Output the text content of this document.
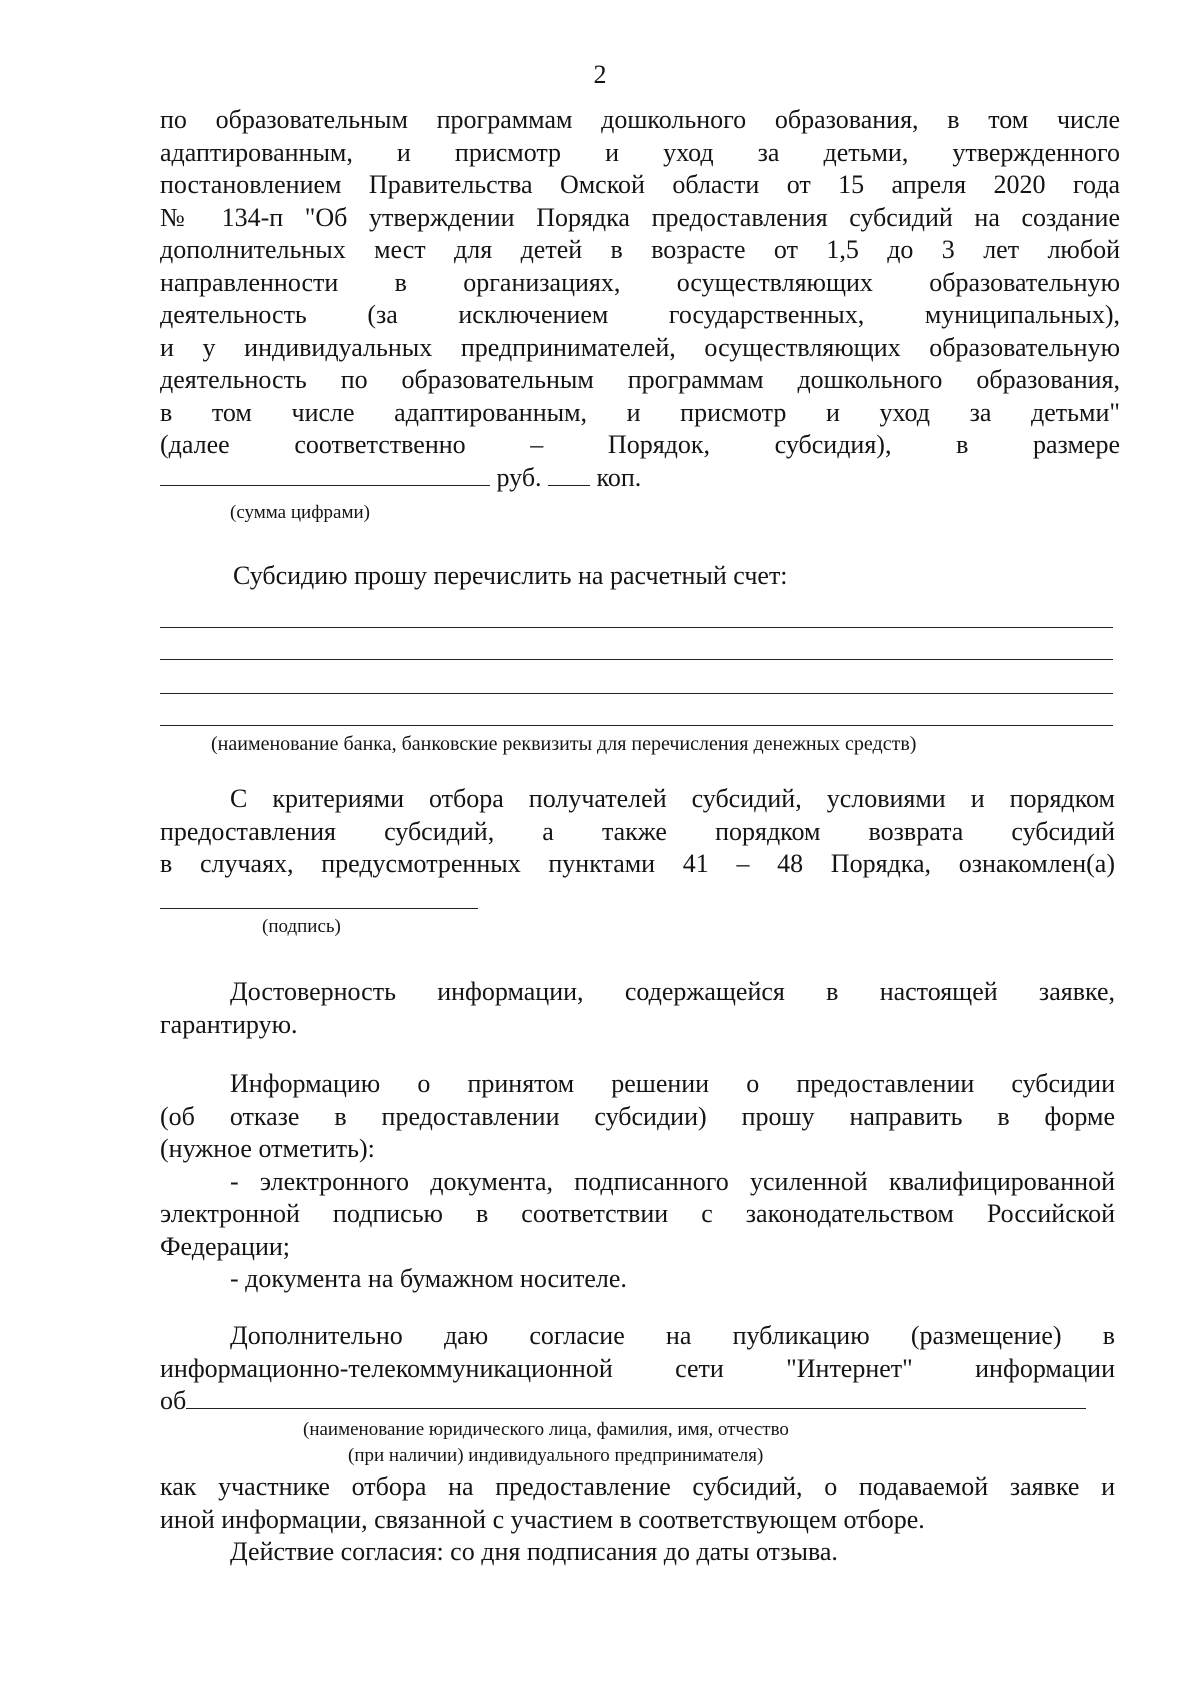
2
по образовательным программам дошкольного образования, в том числе
адаптированным, и присмотр и уход за детьми, утвержденного
постановлением Правительства Омской области от 15 апреля 2020 года
№ 134-п "Об утверждении Порядка предоставления субсидий на создание
дополнительных мест для детей в возрасте от 1,5 до 3 лет любой
направленности в организациях, осуществляющих образовательную
деятельность (за исключением государственных, муниципальных),
и у индивидуальных предпринимателей, осуществляющих образовательную
деятельность по образовательным программам дошкольного образования,
в том числе адаптированным, и присмотр и уход за детьми"
(далее соответственно – Порядок, субсидия), в размере
руб. коп.
(сумма цифрами)
Субсидию прошу перечислить на расчетный счет:
(наименование банка, банковские реквизиты для перечисления денежных средств)
С критериями отбора получателей субсидий, условиями и порядком
предоставления субсидий, а также порядком возврата субсидий
в случаях, предусмотренных пунктами 41 – 48 Порядка, ознакомлен(а)
(подпись)
Достоверность информации, содержащейся в настоящей заявке,
гарантирую.
Информацию о принятом решении о предоставлении субсидии
(об отказе в предоставлении субсидии) прошу направить в форме
(нужное отметить):
- электронного документа, подписанного усиленной квалифицированной
электронной подписью в соответствии с законодательством Российской
Федерации;
- документа на бумажном носителе.
Дополнительно даю согласие на публикацию (размещение) в
информационно-телекоммуникационной сети "Интернет" информации
об
(наименование юридического лица, фамилия, имя, отчество
(при наличии) индивидуального предпринимателя)
как участнике отбора на предоставление субсидий, о подаваемой заявке и
иной информации, связанной с участием в соответствующем отборе.
Действие согласия: со дня подписания до даты отзыва.
